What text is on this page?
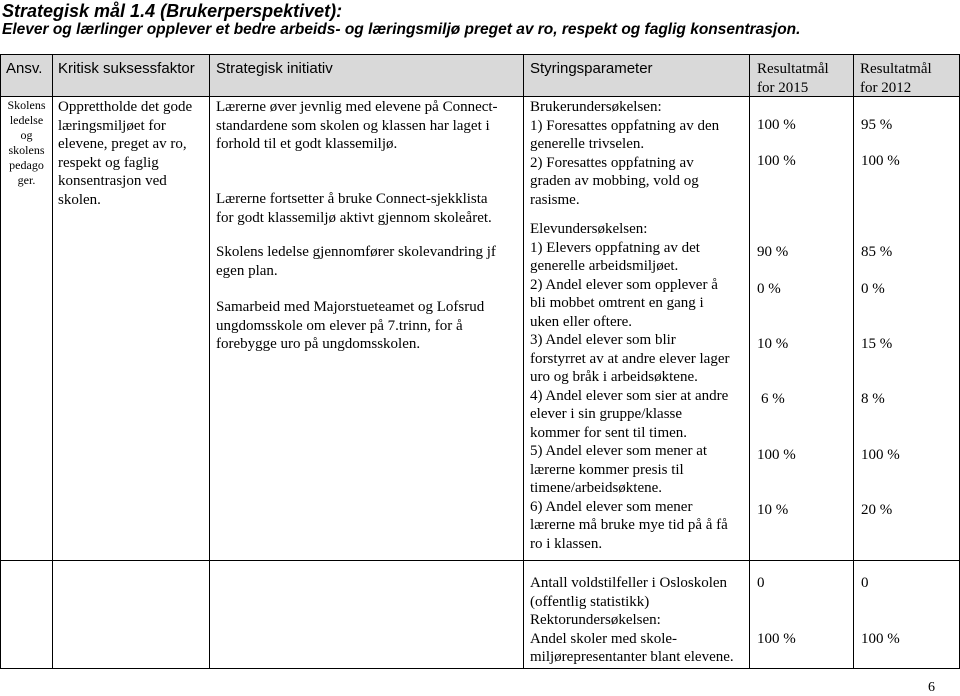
Strategisk mål 1.4 (Brukerperspektivet):
Elever og lærlinger opplever et bedre arbeids- og læringsmiljø preget av ro, respekt og faglig konsentrasjon.
Ansv. Kritisk suksessfaktor Strategisk initiativ	Styringsparameter	Resultatmål
for 2015
Resultatmål
for 2012
Skolens
ledelse
og
skolens
pedago
ger.
Opprettholde det gode
læringsmiljøet for
elevene, preget av ro,
respekt og faglig
konsentrasjon ved
skolen.
Lærerne øver jevnlig med elevene på Connect-
standardene som skolen og klassen har laget i
forhold til et godt klassemiljø.
Lærerne fortsetter å bruke Connect-sjekklista
for godt klassemiljø aktivt gjennom skoleåret.
Skolens ledelse gjennomfører skolevandring jf
egen plan.
Samarbeid med Majorstueteamet og Lofsrud
ungdomsskole om elever på 7.trinn, for å
forebygge uro på ungdomsskolen.
Brukerundersøkelsen:
1) Foresattes oppfatning av den
generelle trivselen.
2) Foresattes oppfatning av
graden av mobbing, vold og
rasisme.
Elevundersøkelsen:
1) Elevers oppfatning av det
generelle arbeidsmiljøet.
2) Andel elever som opplever å
bli mobbet omtrent en gang i
uken eller oftere.
3) Andel elever som blir
forstyrret av at andre elever lager
uro og bråk i arbeidsøktene.
4) Andel elever som sier at andre
elever i sin gruppe/klasse
kommer for sent til timen.
5) Andel elever som mener at
lærerne kommer presis til
timene/arbeidsøktene.
6) Andel elever som mener
lærerne må bruke mye tid på å få
ro i klassen.
Antall voldstilfeller i Osloskolen
(offentlig statistikk)
Rektorundersøkelsen:
Andel skoler med skole-
miljørepresentanter blant elevene.
100 %
100 %
90 %
0 %
10 %
6 %
100 %
10 %
0
100 %
95 %
100 %
85 %
0 %
15 %
8 %
100 %
20 %
0
100 %
6
